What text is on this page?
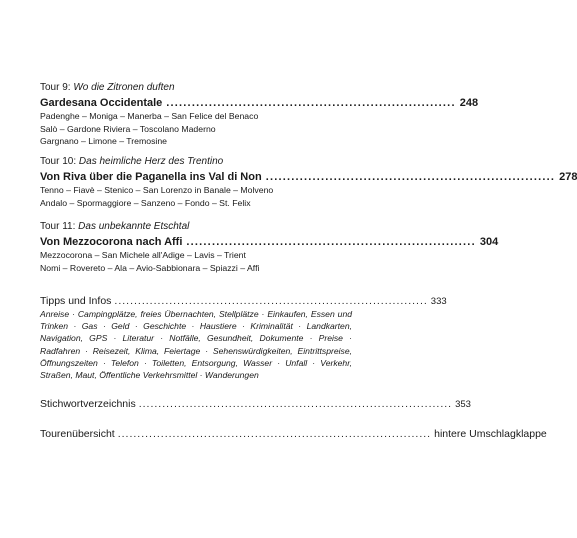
Tour 9: Wo die Zitronen duften
Gardesana Occidentale .................................................................... 248
Padenghe – Moniga – Manerba – San Felice del Benaco
Salò – Gardone Riviera – Toscolano Maderno
Gargnano – Limone – Tremosine
Tour 10: Das heimliche Herz des Trentino
Von Riva über die Paganella ins Val di Non .................................................................... 278
Tenno – Fiavè – Stenico – San Lorenzo in Banale – Molveno
Andalo – Spormaggiore – Sanzeno – Fondo – St. Felix
Tour 11: Das unbekannte Etschtal
Von Mezzocorona nach Affi .................................................................... 304
Mezzocorona – San Michele all'Adige – Lavis – Trient
Nomi – Rovereto – Ala – Avio-Sabbionara – Spiazzi – Affi
Tipps und Infos ................................................................................ 333
Anreise · Campingplätze, freies Übernachten, Stellplätze · Einkaufen, Essen und Trinken · Gas · Geld · Geschichte · Haustiere · Kriminalität · Landkarten, Navigation, GPS · Literatur · Notfälle, Gesundheit, Dokumente · Preise · Radfahren · Reisezeit, Klima, Feiertage · Sehenswürdigkeiten, Eintrittspreise, Öffnungszeiten · Telefon · Toiletten, Entsorgung, Wasser · Unfall · Verkehr, Straßen, Maut, Öffentliche Verkehrsmittel · Wanderungen
Stichwortverzeichnis ................................................................................ 353
Tourenübersicht ................................................................................ hintere Umschlagklappe
